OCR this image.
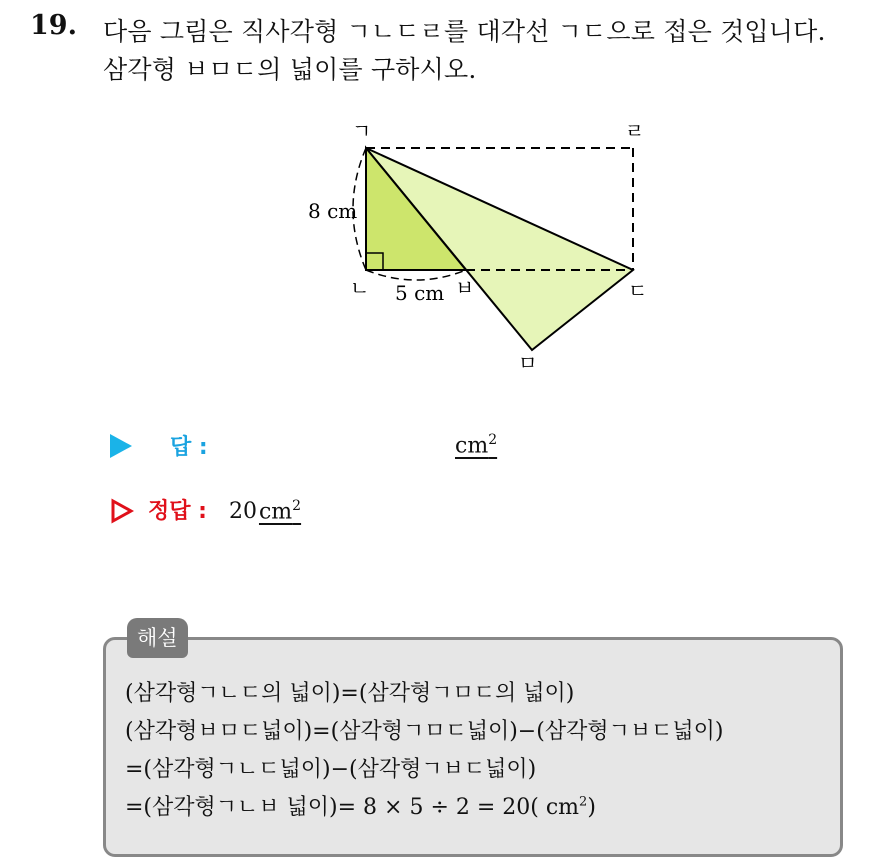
19. 다음 그림은 직사각형 ㄱㄴㄷㄹ를 대각선 ㄱㄷ으로 접은 것입니다.
삼각형 ㅂㅁㄷ의 넓이를 구하시오.
ㄱ	ㄹ
ㄴ	ㅂ	ㄷ
ㅁ
8 cm
5 cm
답 :	$cm^2$
정답 : 20 $cm^2$
해설
(삼각형ㄱㄴㄷ의 넓이)=(삼각형ㄱㅁㄷ의 넓이)
(삼각형ㅂㅁㄷ넓이)=(삼각형ㄱㅁㄷ넓이)−(삼각형ㄱㅂㄷ넓이)
=(삼각형ㄱㄴㄷ넓이)−(삼각형ㄱㅂㄷ넓이)
=(삼각형ㄱㄴㅂ 넓이)= 8 × 5 ÷ 2 = 20( $cm^2$)
